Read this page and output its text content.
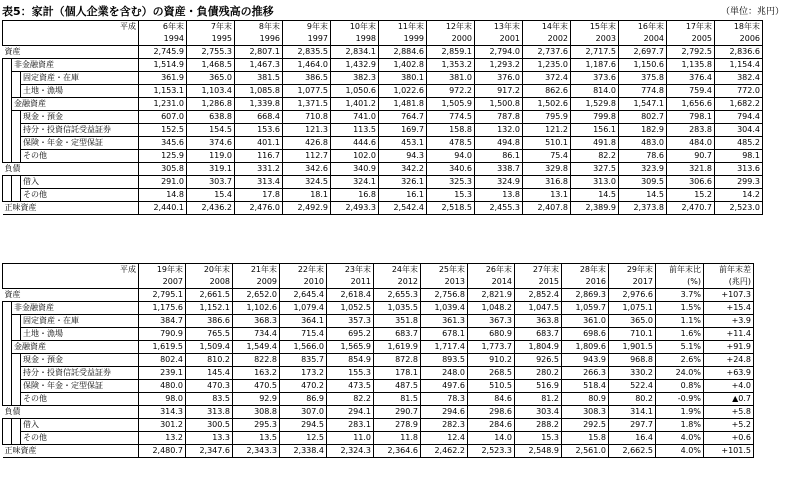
表5：家計（個人企業を含む）の資産・負債残高の推移	（単位：兆円）
平成			6年末	7年末	8年末	9年末	10年末	11年末	12年末	13年末	14年末	15年末	16年末	17年末	18年末
			1994	1995	1996	1997	1998	1999	2000	2001	2002	2003	2004	2005	2006
資産			2,745.9	2,755.3	2,807.1	2,835.5	2,834.1	2,884.6	2,859.1	2,794.0	2,737.6	2,717.5	2,697.7	2,792.5	2,836.6
	非金融資産		1,514.9	1,468.5	1,467.3	1,464.0	1,432.9	1,402.8	1,353.2	1,293.2	1,235.0	1,187.6	1,150.6	1,135.8	1,154.4
		固定資産・在庫	361.9	365.0	381.5	386.5	382.3	380.1	381.0	376.0	372.4	373.6	375.8	376.4	382.4
		土地・漁場	1,153.1	1,103.4	1,085.8	1,077.5	1,050.6	1,022.6	972.2	917.2	862.6	814.0	774.8	759.4	772.0
	金融資産		1,231.0	1,286.8	1,339.8	1,371.5	1,401.2	1,481.8	1,505.9	1,500.8	1,502.6	1,529.8	1,547.1	1,656.6	1,682.2
		現金・預金	607.0	638.8	668.4	710.8	741.0	764.7	774.5	787.8	795.9	799.8	802.7	798.1	794.4
		持分・投資信託受益証券	152.5	154.5	153.6	121.3	113.5	169.7	158.8	132.0	121.2	156.1	182.9	283.8	304.4
		保険・年金・定型保証	345.6	374.6	401.1	426.8	444.6	453.1	478.5	494.8	510.1	491.8	483.0	484.0	485.2
		その他	125.9	119.0	116.7	112.7	102.0	94.3	94.0	86.1	75.4	82.2	78.6	90.7	98.1
負債			305.8	319.1	331.2	342.6	340.9	342.2	340.6	338.7	329.8	327.5	323.9	321.8	313.6
		借入	291.0	303.7	313.4	324.5	324.1	326.1	325.3	324.9	316.8	313.0	309.5	306.6	299.3
		その他	14.8	15.4	17.8	18.1	16.8	16.1	15.3	13.8	13.1	14.5	14.5	15.2	14.2
正味資産			2,440.1	2,436.2	2,476.0	2,492.9	2,493.3	2,542.4	2,518.5	2,455.3	2,407.8	2,389.9	2,373.8	2,470.7	2,523.0
平成			19年末	20年末	21年末	22年末	23年末	24年末	25年末	26年末	27年末	28年末	29年末	前年末比	前年末差
			2007	2008	2009	2010	2011	2012	2013	2014	2015	2016	2017	(%)	(兆円)
資産			2,795.1	2,661.5	2,652.0	2,645.4	2,618.4	2,655.3	2,756.8	2,821.9	2,852.4	2,869.3	2,976.6	3.7%	+107.3
	非金融資産		1,175.6	1,152.1	1,102.6	1,079.4	1,052.5	1,035.5	1,039.4	1,048.2	1,047.5	1,059.7	1,075.1	1.5%	+15.4
		固定資産・在庫	384.7	386.6	368.3	364.1	357.3	351.8	361.3	367.3	363.8	361.0	365.0	1.1%	+3.9
		土地・漁場	790.9	765.5	734.4	715.4	695.2	683.7	678.1	680.9	683.7	698.6	710.1	1.6%	+11.4
	金融資産		1,619.5	1,509.4	1,549.4	1,566.0	1,565.9	1,619.9	1,717.4	1,773.7	1,804.9	1,809.6	1,901.5	5.1%	+91.9
		現金・預金	802.4	810.2	822.8	835.7	854.9	872.8	893.5	910.2	926.5	943.9	968.8	2.6%	+24.8
		持分・投資信託受益証券	239.1	145.4	163.2	173.2	155.3	178.1	248.0	268.5	280.2	266.3	330.2	24.0%	+63.9
		保険・年金・定型保証	480.0	470.3	470.5	470.2	473.5	487.5	497.6	510.5	516.9	518.4	522.4	0.8%	+4.0
		その他	98.0	83.5	92.9	86.9	82.2	81.5	78.3	84.6	81.2	80.9	80.2	-0.9%	▲0.7
負債			314.3	313.8	308.8	307.0	294.1	290.7	294.6	298.6	303.4	308.3	314.1	1.9%	+5.8
		借入	301.2	300.5	295.3	294.5	283.1	278.9	282.3	284.6	288.2	292.5	297.7	1.8%	+5.2
		その他	13.2	13.3	13.5	12.5	11.0	11.8	12.4	14.0	15.3	15.8	16.4	4.0%	+0.6
正味資産			2,480.7	2,347.6	2,343.3	2,338.4	2,324.3	2,364.6	2,462.2	2,523.3	2,548.9	2,561.0	2,662.5	4.0%	+101.5
